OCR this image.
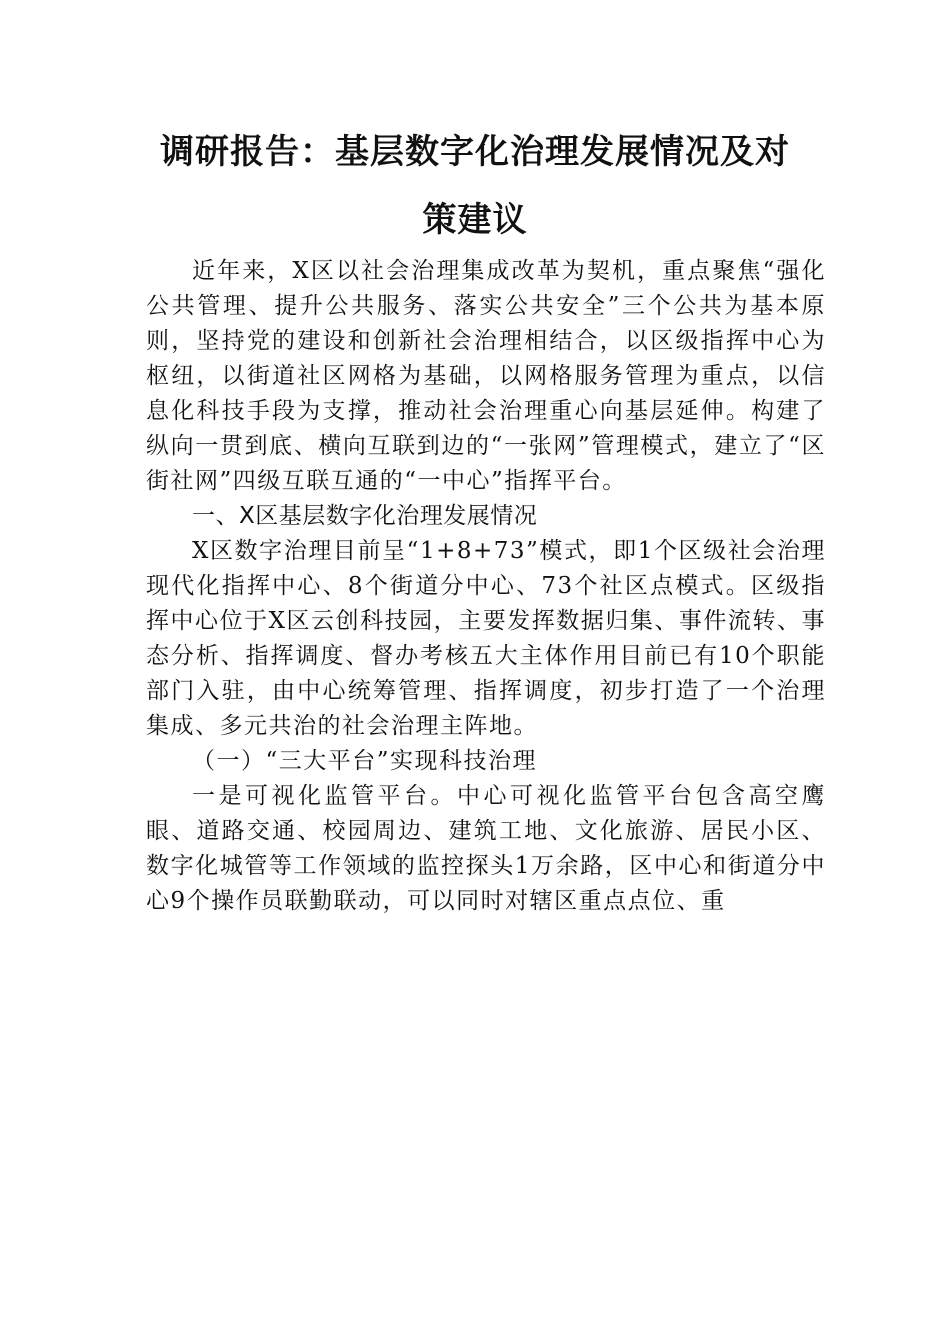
调研报告：基层数字化治理发展情况及对
策建议

近年来，X区以社会治理集成改革为契机，重点聚焦“强化公共管理、提升公共服务、落实公共安全”三个公共为基本原则，坚持党的建设和创新社会治理相结合，以区级指挥中心为枢纽，以街道社区网格为基础，以网格服务管理为重点，以信息化科技手段为支撑，推动社会治理重心向基层延伸。构建了纵向一贯到底、横向互联到边的“一张网”管理模式，建立了“区街社网”四级互联互通的“一中心”指挥平台。

一、X区基层数字化治理发展情况

X区数字治理目前呈“1+8+73”模式，即1个区级社会治理现代化指挥中心、8个街道分中心、73个社区点模式。区级指挥中心位于X区云创科技园，主要发挥数据归集、事件流转、事态分析、指挥调度、督办考核五大主体作用目前已有10个职能部门入驻，由中心统筹管理、指挥调度，初步打造了一个治理集成、多元共治的社会治理主阵地。

（一）“三大平台”实现科技治理

一是可视化监管平台。中心可视化监管平台包含高空鹰眼、道路交通、校园周边、建筑工地、文化旅游、居民小区、数字化城管等工作领域的监控探头1万余路，区中心和街道分中心9个操作员联勤联动，可以同时对辖区重点点位、重
